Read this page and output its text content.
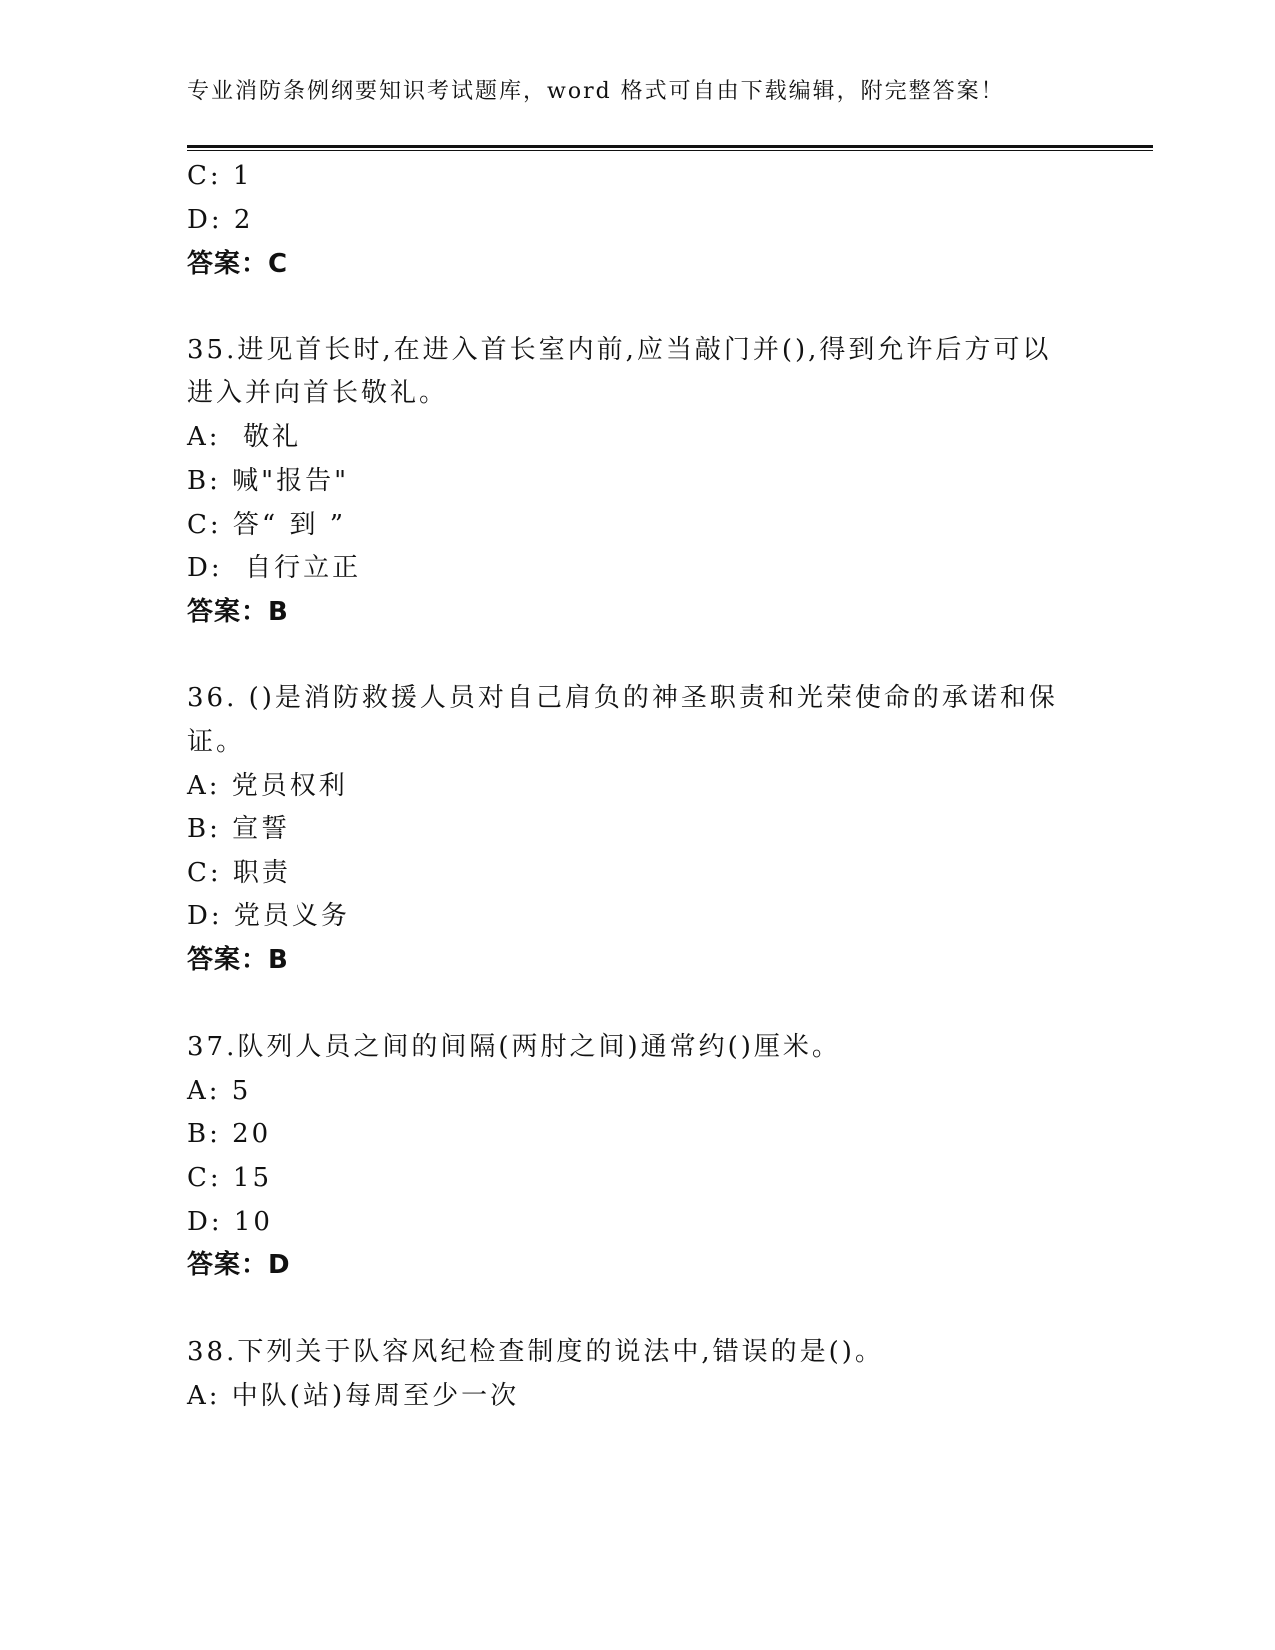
专业消防条例纲要知识考试题库，word 格式可自由下载编辑，附完整答案！
C: 1
D: 2
答案：C
35.进见首长时,在进入首长室内前,应当敲门并(),得到允许后方可以
进入并向首长敬礼。
A:  敬礼
B: 喊"报告"
C: 答“ 到 ”
D:  自行立正
答案：B
36. ()是消防救援人员对自己肩负的神圣职责和光荣使命的承诺和保
证。
A: 党员权利
B: 宣誓
C: 职责
D: 党员义务
答案：B
37.队列人员之间的间隔(两肘之间)通常约()厘米。
A: 5
B: 20
C: 15
D: 10
答案：D
38.下列关于队容风纪检查制度的说法中,错误的是()。
A: 中队(站)每周至少一次
